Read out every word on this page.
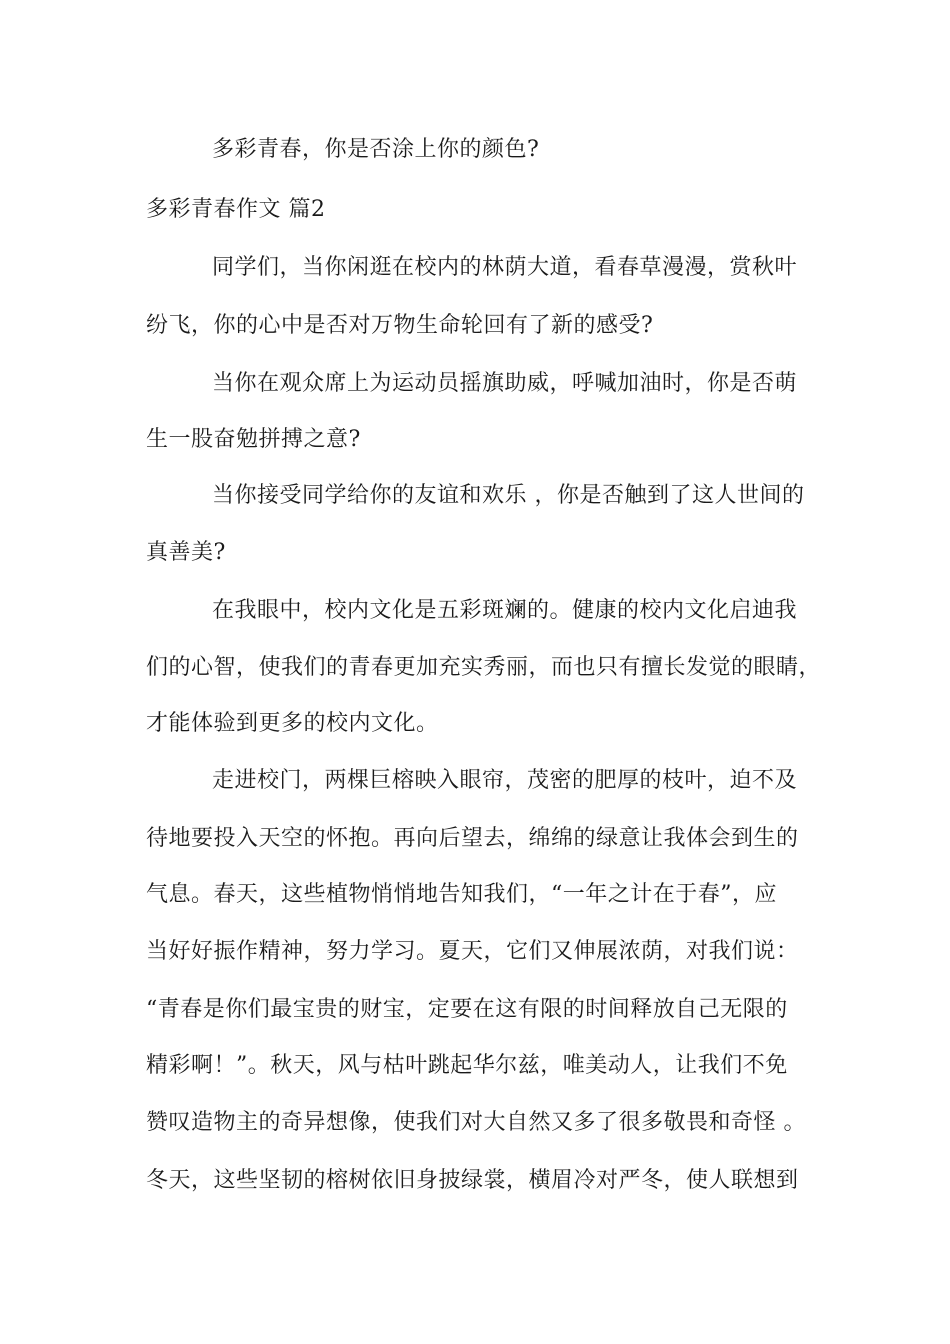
多彩青春，你是否涂上你的颜色?
多彩青春作文 篇2
同学们，当你闲逛在校内的林荫大道，看春草漫漫，赏秋叶
纷飞，你的心中是否对万物生命轮回有了新的感受?
当你在观众席上为运动员摇旗助威，呼喊加油时，你是否萌
生一股奋勉拼搏之意?
当你接受同学给你的友谊和欢乐 ，你是否触到了这人世间的
真善美?
在我眼中，校内文化是五彩斑斓的。健康的校内文化启迪我
们的心智，使我们的青春更加充实秀丽，而也只有擅长发觉的眼睛，
才能体验到更多的校内文化。
走进校门，两棵巨榕映入眼帘，茂密的肥厚的枝叶，迫不及
待地要投入天空的怀抱。再向后望去，绵绵的绿意让我体会到生的
气息。春天，这些植物悄悄地告知我们，“一年之计在于春”，应
当好好振作精神，努力学习。夏天，它们又伸展浓荫，对我们说：
“青春是你们最宝贵的财宝，定要在这有限的时间释放自己无限的
精彩啊！”。秋天，风与枯叶跳起华尔兹，唯美动人，让我们不免
赞叹造物主的奇异想像，使我们对大自然又多了很多敬畏和奇怪 。
冬天，这些坚韧的榕树依旧身披绿裳，横眉冷对严冬，使人联想到
